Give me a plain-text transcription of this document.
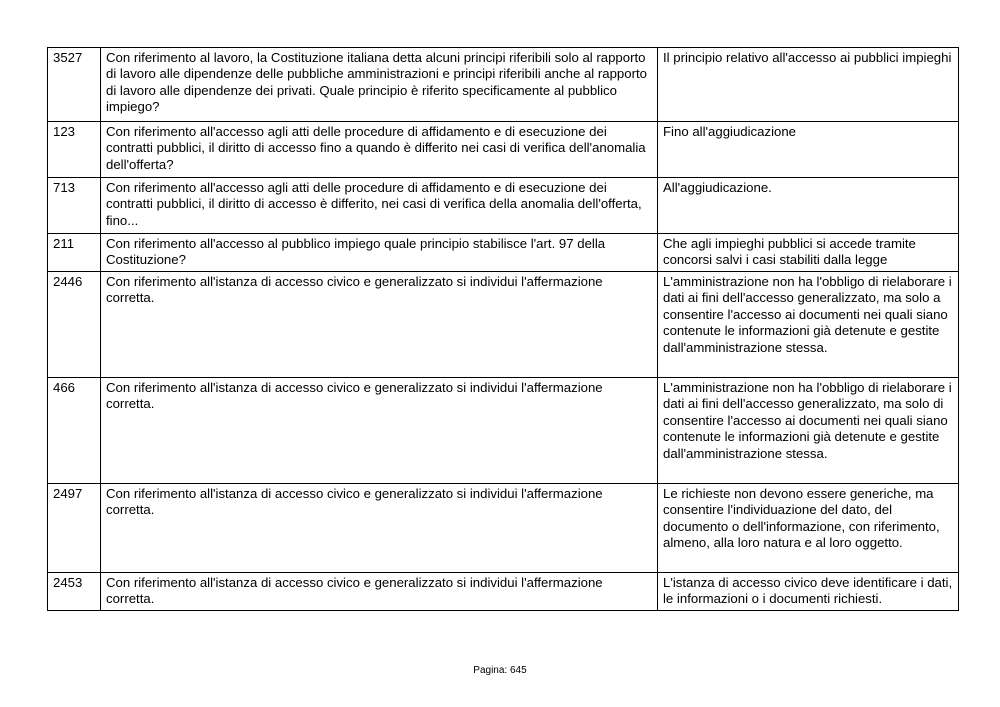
3527	Con riferimento al lavoro, la Costituzione italiana detta alcuni principi riferibili solo al rapporto di lavoro alle dipendenze delle pubbliche amministrazioni e principi riferibili anche al rapporto di lavoro alle dipendenze dei privati. Quale principio è riferito specificamente al pubblico impiego?	Il principio relativo all'accesso ai pubblici impieghi
123	Con riferimento all'accesso agli atti delle procedure di affidamento e di esecuzione dei contratti pubblici, il diritto di accesso fino a quando è differito nei casi di verifica dell'anomalia dell'offerta?	Fino all'aggiudicazione
713	Con riferimento all'accesso agli atti delle procedure di affidamento e di esecuzione dei contratti pubblici, il diritto di accesso è differito, nei casi di verifica della anomalia dell'offerta, fino...	All'aggiudicazione.
211	Con riferimento all'accesso al pubblico impiego quale principio stabilisce l'art. 97 della Costituzione?	Che agli impieghi pubblici si accede tramite concorsi salvi i casi stabiliti dalla legge
2446	Con riferimento all'istanza di accesso civico e generalizzato si individui l'affermazione corretta.	L'amministrazione non ha l'obbligo di rielaborare i dati ai fini dell'accesso generalizzato, ma solo a consentire l'accesso ai documenti nei quali siano contenute le informazioni già detenute e gestite dall'amministrazione stessa.
466	Con riferimento all'istanza di accesso civico e generalizzato si individui l'affermazione corretta.	L'amministrazione non ha l'obbligo di rielaborare i dati ai fini dell'accesso generalizzato, ma solo di consentire l'accesso ai documenti nei quali siano contenute le informazioni già detenute e gestite dall'amministrazione stessa.
2497	Con riferimento all'istanza di accesso civico e generalizzato si individui l'affermazione corretta.	Le richieste non devono essere generiche, ma consentire l'individuazione del dato, del documento o dell'informazione, con riferimento, almeno, alla loro natura e al loro oggetto.
2453	Con riferimento all'istanza di accesso civico e generalizzato si individui l'affermazione corretta.	L'istanza di accesso civico deve identificare i dati, le informazioni o i documenti richiesti.
Pagina: 645
